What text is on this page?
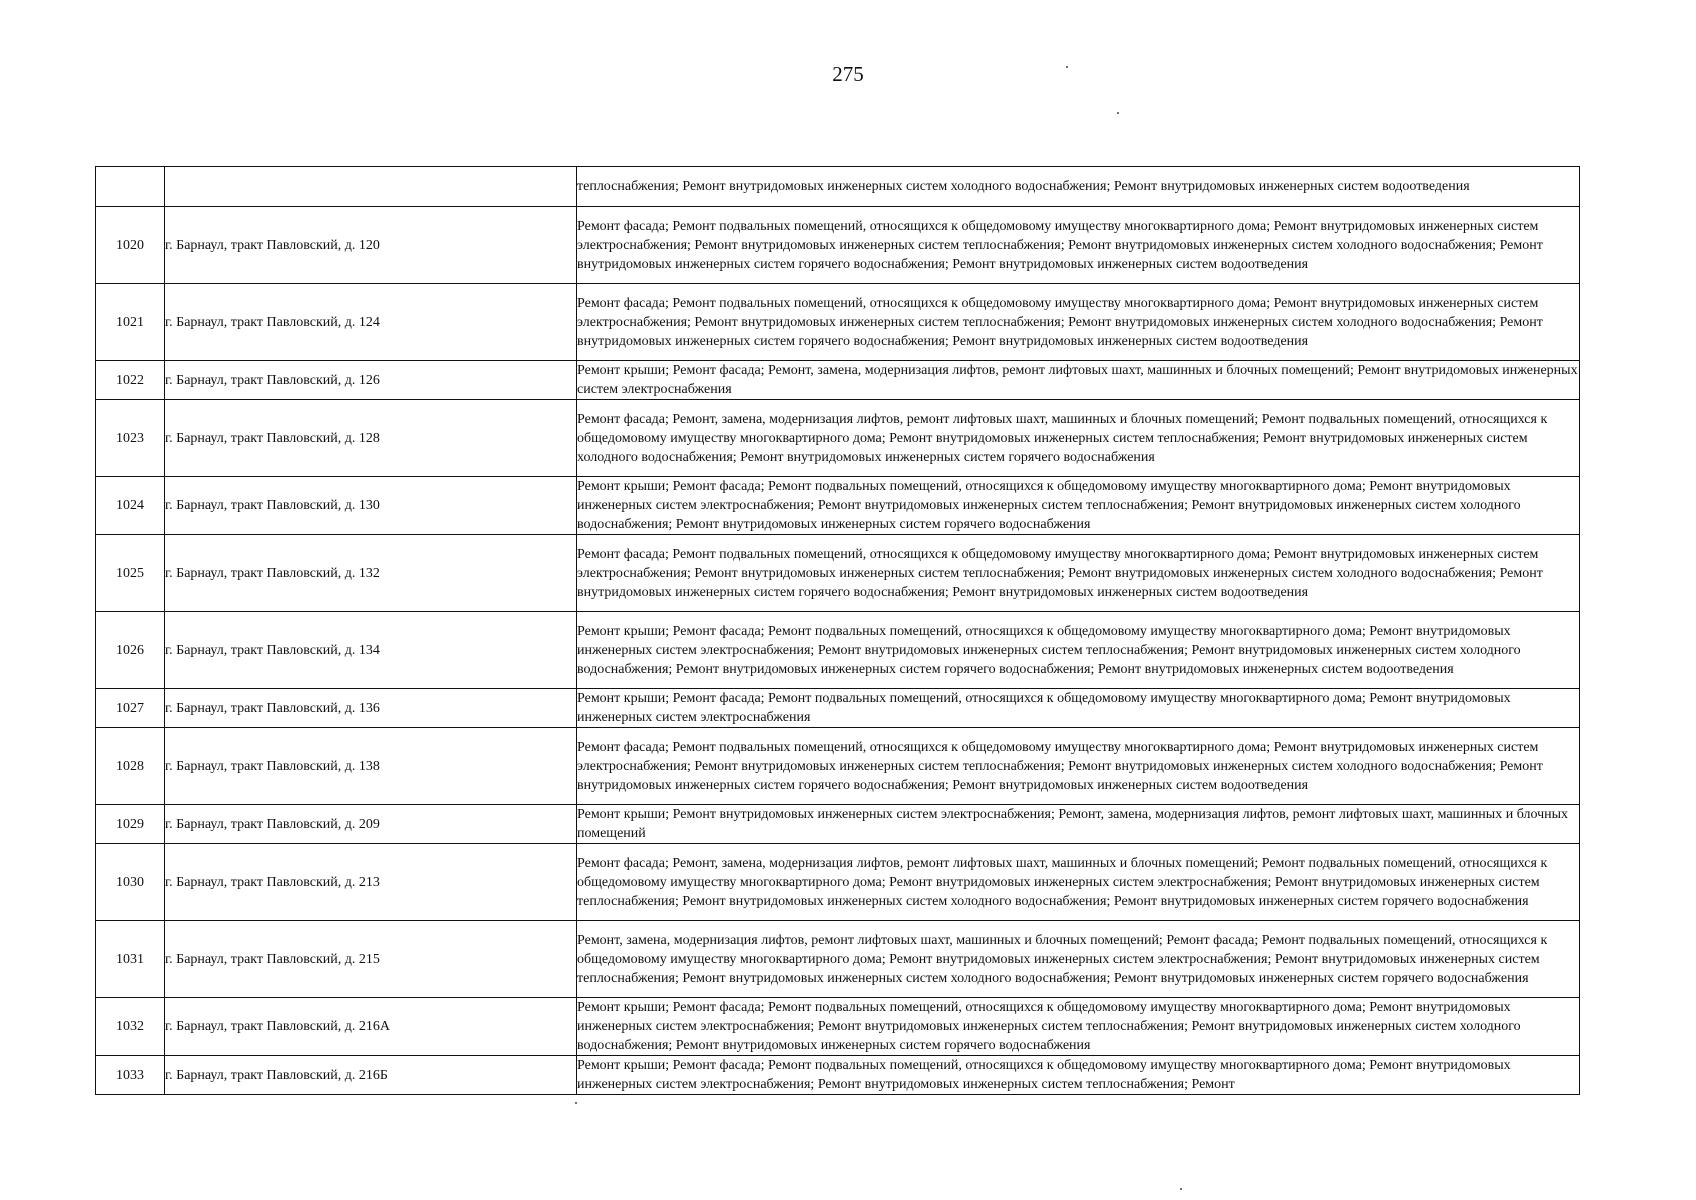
275

		теплоснабжения; Ремонт внутридомовых инженерных систем холодного водоснабжения; Ремонт внутридомовых инженерных систем водоотведения

1020	г. Барнаул, тракт Павловский, д. 120	Ремонт фасада; Ремонт подвальных помещений, относящихся к общедомовому имуществу многоквартирного дома; Ремонт внутридомовых инженерных систем электроснабжения; Ремонт внутридомовых инженерных систем теплоснабжения; Ремонт внутридомовых инженерных систем холодного водоснабжения; Ремонт внутридомовых инженерных систем горячего водоснабжения; Ремонт внутридомовых инженерных систем водоотведения

1021	г. Барнаул, тракт Павловский, д. 124	Ремонт фасада; Ремонт подвальных помещений, относящихся к общедомовому имуществу многоквартирного дома; Ремонт внутридомовых инженерных систем электроснабжения; Ремонт внутридомовых инженерных систем теплоснабжения; Ремонт внутридомовых инженерных систем холодного водоснабжения; Ремонт внутридомовых инженерных систем горячего водоснабжения; Ремонт внутридомовых инженерных систем водоотведения

1022	г. Барнаул, тракт Павловский, д. 126	Ремонт крыши; Ремонт фасада; Ремонт, замена, модернизация лифтов, ремонт лифтовых шахт, машинных и блочных помещений; Ремонт внутридомовых инженерных систем электроснабжения

1023	г. Барнаул, тракт Павловский, д. 128	Ремонт фасада; Ремонт, замена, модернизация лифтов, ремонт лифтовых шахт, машинных и блочных помещений; Ремонт подвальных помещений, относящихся к общедомовому имуществу многоквартирного дома; Ремонт внутридомовых инженерных систем теплоснабжения; Ремонт внутридомовых инженерных систем холодного водоснабжения; Ремонт внутридомовых инженерных систем горячего водоснабжения

1024	г. Барнаул, тракт Павловский, д. 130	Ремонт крыши; Ремонт фасада; Ремонт подвальных помещений, относящихся к общедомовому имуществу многоквартирного дома; Ремонт внутридомовых инженерных систем электроснабжения; Ремонт внутридомовых инженерных систем теплоснабжения; Ремонт внутридомовых инженерных систем холодного водоснабжения; Ремонт внутридомовых инженерных систем горячего водоснабжения

1025	г. Барнаул, тракт Павловский, д. 132	Ремонт фасада; Ремонт подвальных помещений, относящихся к общедомовому имуществу многоквартирного дома; Ремонт внутридомовых инженерных систем электроснабжения; Ремонт внутридомовых инженерных систем теплоснабжения; Ремонт внутридомовых инженерных систем холодного водоснабжения; Ремонт внутридомовых инженерных систем горячего водоснабжения; Ремонт внутридомовых инженерных систем водоотведения

1026	г. Барнаул, тракт Павловский, д. 134	Ремонт крыши; Ремонт фасада; Ремонт подвальных помещений, относящихся к общедомовому имуществу многоквартирного дома; Ремонт внутридомовых инженерных систем электроснабжения; Ремонт внутридомовых инженерных систем теплоснабжения; Ремонт внутридомовых инженерных систем холодного водоснабжения; Ремонт внутридомовых инженерных систем горячего водоснабжения; Ремонт внутридомовых инженерных систем водоотведения

1027	г. Барнаул, тракт Павловский, д. 136	Ремонт крыши; Ремонт фасада; Ремонт подвальных помещений, относящихся к общедомовому имуществу многоквартирного дома; Ремонт внутридомовых инженерных систем электроснабжения

1028	г. Барнаул, тракт Павловский, д. 138	Ремонт фасада; Ремонт подвальных помещений, относящихся к общедомовому имуществу многоквартирного дома; Ремонт внутридомовых инженерных систем электроснабжения; Ремонт внутридомовых инженерных систем теплоснабжения; Ремонт внутридомовых инженерных систем холодного водоснабжения; Ремонт внутридомовых инженерных систем горячего водоснабжения; Ремонт внутридомовых инженерных систем водоотведения

1029	г. Барнаул, тракт Павловский, д. 209	Ремонт крыши; Ремонт внутридомовых инженерных систем электроснабжения; Ремонт, замена, модернизация лифтов, ремонт лифтовых шахт, машинных и блочных помещений

1030	г. Барнаул, тракт Павловский, д. 213	Ремонт фасада; Ремонт, замена, модернизация лифтов, ремонт лифтовых шахт, машинных и блочных помещений; Ремонт подвальных помещений, относящихся к общедомовому имуществу многоквартирного дома; Ремонт внутридомовых инженерных систем электроснабжения; Ремонт внутридомовых инженерных систем теплоснабжения; Ремонт внутридомовых инженерных систем холодного водоснабжения; Ремонт внутридомовых инженерных систем горячего водоснабжения

1031	г. Барнаул, тракт Павловский, д. 215	Ремонт, замена, модернизация лифтов, ремонт лифтовых шахт, машинных и блочных помещений; Ремонт фасада; Ремонт подвальных помещений, относящихся к общедомовому имуществу многоквартирного дома; Ремонт внутридомовых инженерных систем электроснабжения; Ремонт внутридомовых инженерных систем теплоснабжения; Ремонт внутридомовых инженерных систем холодного водоснабжения; Ремонт внутридомовых инженерных систем горячего водоснабжения

1032	г. Барнаул, тракт Павловский, д. 216А	Ремонт крыши; Ремонт фасада; Ремонт подвальных помещений, относящихся к общедомовому имуществу многоквартирного дома; Ремонт внутридомовых инженерных систем электроснабжения; Ремонт внутридомовых инженерных систем теплоснабжения; Ремонт внутридомовых инженерных систем холодного водоснабжения; Ремонт внутридомовых инженерных систем горячего водоснабжения

1033	г. Барнаул, тракт Павловский, д. 216Б	Ремонт крыши; Ремонт фасада; Ремонт подвальных помещений, относящихся к общедомовому имуществу многоквартирного дома; Ремонт внутридомовых инженерных систем электроснабжения; Ремонт внутридомовых инженерных систем теплоснабжения; Ремонт
